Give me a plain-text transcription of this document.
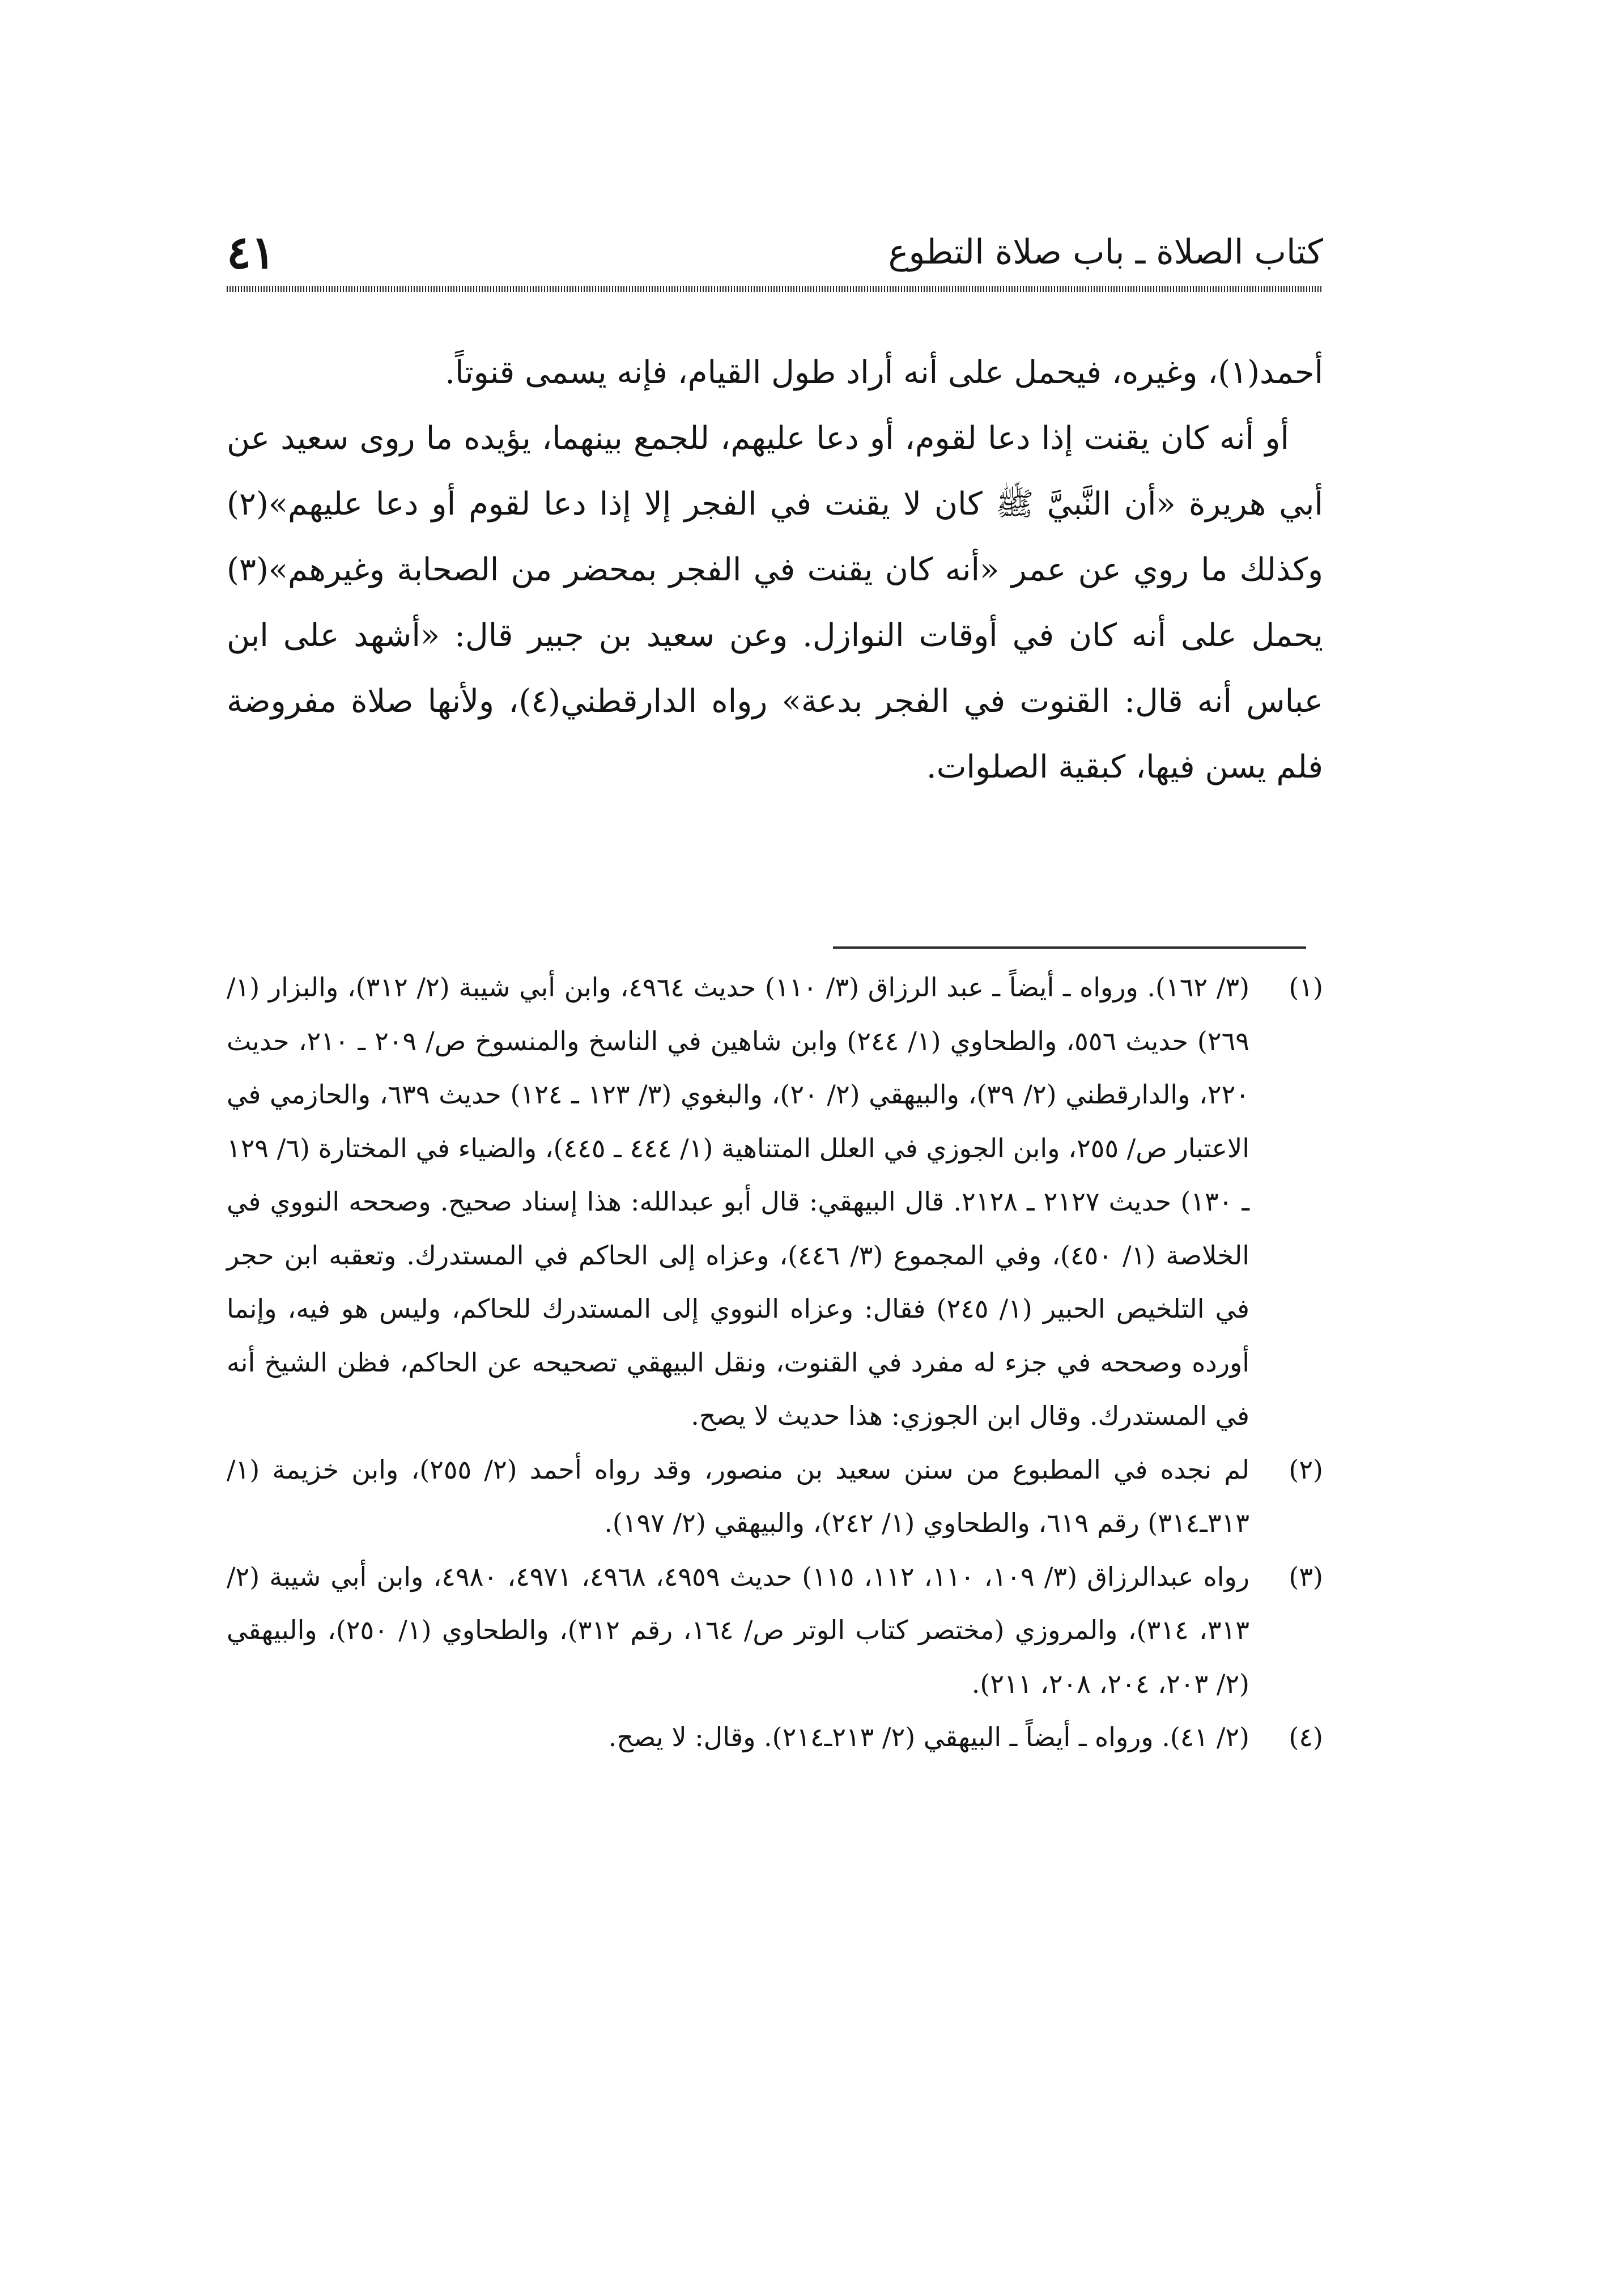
٤١	كتاب الصلاة ـ باب صلاة التطوع

أحمد(١)، وغيره، فيحمل على أنه أراد طول القيام، فإنه يسمى قنوتاً.

أو أنه كان يقنت إذا دعا لقوم، أو دعا عليهم، للجمع بينهما، يؤيده ما روى سعيد عن أبي هريرة «أن النَّبيَّ ﷺ كان لا يقنت في الفجر إلا إذا دعا لقوم أو دعا عليهم»(٢) وكذلك ما روي عن عمر «أنه كان يقنت في الفجر بمحضر من الصحابة وغيرهم»(٣) يحمل على أنه كان في أوقات النوازل. وعن سعيد بن جبير قال: «أشهد على ابن عباس أنه قال: القنوت في الفجر بدعة» رواه الدارقطني(٤)، ولأنها صلاة مفروضة فلم يسن فيها، كبقية الصلوات.

(١)
(٣/ ١٦٢). ورواه ـ أيضاً ـ عبد الرزاق (٣/ ١١٠) حديث ٤٩٦٤، وابن أبي شيبة (٢/ ٣١٢)، والبزار (١/ ٢٦٩) حديث ٥٥٦، والطحاوي (١/ ٢٤٤) وابن شاهين في الناسخ والمنسوخ ص/ ٢٠٩ ـ ٢١٠، حديث ٢٢٠، والدارقطني (٢/ ٣٩)، والبيهقي (٢/ ٢٠)، والبغوي (٣/ ١٢٣ ـ ١٢٤) حديث ٦٣٩، والحازمي في الاعتبار ص/ ٢٥٥، وابن الجوزي في العلل المتناهية (١/ ٤٤٤ ـ ٤٤٥)، والضياء في المختارة (٦/ ١٢٩ ـ ١٣٠) حديث ٢١٢٧ ـ ٢١٢٨. قال البيهقي: قال أبو عبدالله: هذا إسناد صحيح. وصححه النووي في الخلاصة (١/ ٤٥٠)، وفي المجموع (٣/ ٤٤٦)، وعزاه إلى الحاكم في المستدرك. وتعقبه ابن حجر في التلخيص الحبير (١/ ٢٤٥) فقال: وعزاه النووي إلى المستدرك للحاكم، وليس هو فيه، وإنما أورده وصححه في جزء له مفرد في القنوت، ونقل البيهقي تصحيحه عن الحاكم، فظن الشيخ أنه في المستدرك. وقال ابن الجوزي: هذا حديث لا يصح.
(٢)
لم نجده في المطبوع من سنن سعيد بن منصور، وقد رواه أحمد (٢/ ٢٥٥)، وابن خزيمة (١/ ٣١٣ـ٣١٤) رقم ٦١٩، والطحاوي (١/ ٢٤٢)، والبيهقي (٢/ ١٩٧).
(٣)
رواه عبدالرزاق (٣/ ١٠٩، ١١٠، ١١٢، ١١٥) حديث ٤٩٥٩، ٤٩٦٨، ٤٩٧١، ٤٩٨٠، وابن أبي شيبة (٢/ ٣١٣، ٣١٤)، والمروزي (مختصر كتاب الوتر ص/ ١٦٤، رقم ٣١٢)، والطحاوي (١/ ٢٥٠)، والبيهقي (٢/ ٢٠٣، ٢٠٤، ٢٠٨، ٢١١).
(٤)
(٢/ ٤١). ورواه ـ أيضاً ـ البيهقي (٢/ ٢١٣ـ٢١٤). وقال: لا يصح.
